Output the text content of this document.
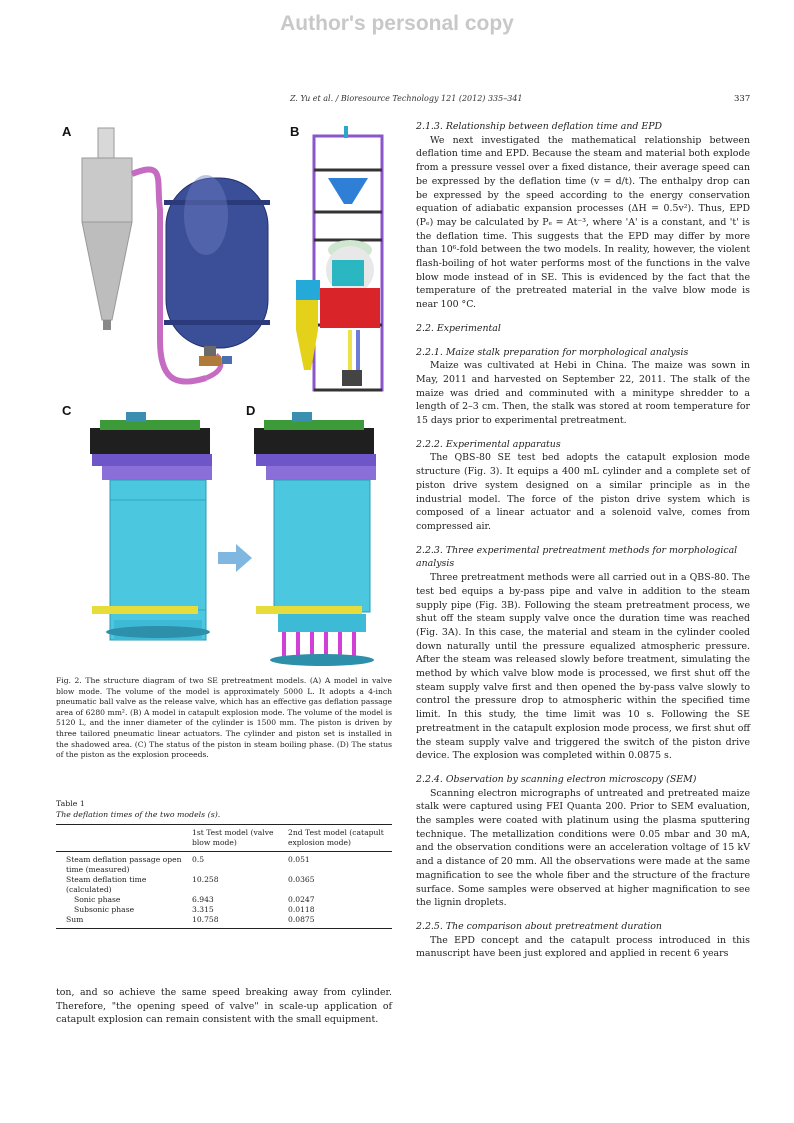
Author's personal copy
Z. Yu et al. / Bioresource Technology 121 (2012) 335–341	337
A	B
C	D

Fig. 2. The structure diagram of two SE pretreatment models. (A) A model in valve blow mode. The volume of the model is approximately 5000 L. It adopts a 4-inch pneumatic ball valve as the release valve, which has an effective gas deflation passage area of 6280 mm². (B) A model in catapult explosion mode. The volume of the model is 5120 L, and the inner diameter of the cylinder is 1500 mm. The piston is driven by three tailored pneumatic linear actuators. The cylinder and piston set is installed in the shadowed area. (C) The status of the piston in steam boiling phase. (D) The status of the piston as the explosion proceeds.

Table 1
The deflation times of the two models (s).
	1st Test model (valve blow mode)	2nd Test model (catapult explosion mode)
Steam deflation passage open time (measured)	0.5	0.051
Steam deflation time (calculated)	10.258	0.0365
Sonic phase	6.943	0.0247
Subsonic phase	3.315	0.0118
Sum	10.758	0.0875

ton, and so achieve the same speed breaking away from cylinder. Therefore, "the opening speed of valve" in scale-up application of catapult explosion can remain consistent with the small equipment.

2.1.3. Relationship between deflation time and EPD

We next investigated the mathematical relationship between deflation time and EPD. Because the steam and material both explode from a pressure vessel over a fixed distance, their average speed can be expressed by the deflation time (v = d/t). The enthalpy drop can be expressed by the speed according to the energy conservation equation of adiabatic expansion processes (ΔH = 0.5v²). Thus, EPD (Pₑ) may be calculated by Pₑ = At⁻³, where 'A' is a constant, and 't' is the deflation time. This suggests that the EPD may differ by more than 10⁶-fold between the two models. In reality, however, the violent flash-boiling of hot water performs most of the functions in the valve blow mode instead of in SE. This is evidenced by the fact that the temperature of the pretreated material in the valve blow mode is near 100 °C.

2.2. Experimental
2.2.1. Maize stalk preparation for morphological analysis

Maize was cultivated at Hebi in China. The maize was sown in May, 2011 and harvested on September 22, 2011. The stalk of the maize was dried and comminuted with a minitype shredder to a length of 2–3 cm. Then, the stalk was stored at room temperature for 15 days prior to experimental pretreatment.

2.2.2. Experimental apparatus

The QBS-80 SE test bed adopts the catapult explosion mode structure (Fig. 3). It equips a 400 mL cylinder and a complete set of piston drive system designed on a similar principle as in the industrial model. The force of the piston drive system which is composed of a linear actuator and a solenoid valve, comes from compressed air.

2.2.3. Three experimental pretreatment methods for morphological analysis

Three pretreatment methods were all carried out in a QBS-80. The test bed equips a by-pass pipe and valve in addition to the steam supply pipe (Fig. 3B). Following the steam pretreatment process, we shut off the steam supply valve once the duration time was reached (Fig. 3A). In this case, the material and steam in the cylinder cooled down naturally until the pressure equalized atmospheric pressure. After the steam was released slowly before treatment, simulating the method by which valve blow mode is processed, we first shut off the steam supply valve first and then opened the by-pass valve slowly to control the pressure drop to atmospheric within the specified time limit. In this study, the time limit was 10 s. Following the SE pretreatment in the catapult explosion mode process, we first shut off the steam supply valve and triggered the switch of the piston drive device. The explosion was completed within 0.0875 s.

2.2.4. Observation by scanning electron microscopy (SEM)

Scanning electron micrographs of untreated and pretreated maize stalk were captured using FEI Quanta 200. Prior to SEM evaluation, the samples were coated with platinum using the plasma sputtering technique. The metallization conditions were 0.05 mbar and 30 mA, and the observation conditions were an acceleration voltage of 15 kV and a distance of 20 mm. All the observations were made at the same magnification to see the whole fiber and the structure of the fracture surface. Some samples were observed at higher magnification to see the lignin droplets.

2.2.5. The comparison about pretreatment duration

The EPD concept and the catapult process introduced in this manuscript have been just explored and applied in recent 6 years
